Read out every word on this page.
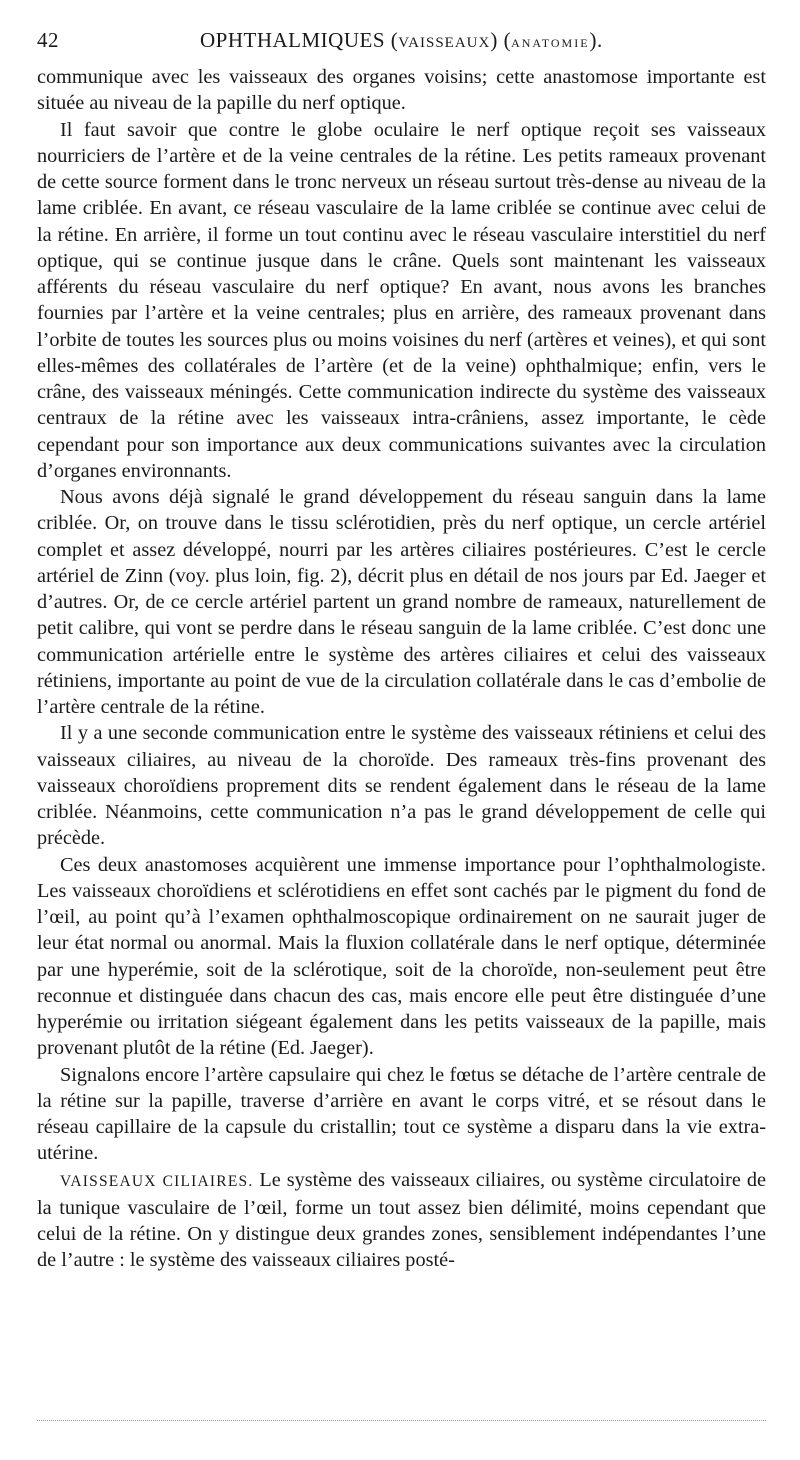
42	OPHTHALMIQUES (VAISSEAUX) (ANATOMIE).

communique avec les vaisseaux des organes voisins; cette anastomose importante est située au niveau de la papille du nerf optique.

Il faut savoir que contre le globe oculaire le nerf optique reçoit ses vaisseaux nourriciers de l’artère et de la veine centrales de la rétine. Les petits rameaux provenant de cette source forment dans le tronc nerveux un réseau surtout très-dense au niveau de la lame criblée. En avant, ce réseau vasculaire de la lame criblée se continue avec celui de la rétine. En arrière, il forme un tout continu avec le réseau vasculaire interstitiel du nerf optique, qui se continue jusque dans le crâne. Quels sont maintenant les vaisseaux afférents du réseau vasculaire du nerf optique? En avant, nous avons les branches fournies par l’artère et la veine centrales; plus en arrière, des rameaux provenant dans l’orbite de toutes les sources plus ou moins voisines du nerf (artères et veines), et qui sont elles-mêmes des collatérales de l’artère (et de la veine) ophthalmique; enfin, vers le crâne, des vaisseaux méningés. Cette communication indirecte du système des vaisseaux centraux de la rétine avec les vaisseaux intra-crâniens, assez importante, le cède cependant pour son importance aux deux communications suivantes avec la circulation d’organes environnants.

Nous avons déjà signalé le grand développement du réseau sanguin dans la lame criblée. Or, on trouve dans le tissu sclérotidien, près du nerf optique, un cercle artériel complet et assez développé, nourri par les artères ciliaires postérieures. C’est le cercle artériel de Zinn (voy. plus loin, fig. 2), décrit plus en détail de nos jours par Ed. Jaeger et d’autres. Or, de ce cercle artériel partent un grand nombre de rameaux, naturellement de petit calibre, qui vont se perdre dans le réseau sanguin de la lame criblée. C’est donc une communication artérielle entre le système des artères ciliaires et celui des vaisseaux rétiniens, importante au point de vue de la circulation collatérale dans le cas d’embolie de l’artère centrale de la rétine.

Il y a une seconde communication entre le système des vaisseaux rétiniens et celui des vaisseaux ciliaires, au niveau de la choroïde. Des rameaux très-fins provenant des vaisseaux choroïdiens proprement dits se rendent également dans le réseau de la lame criblée. Néanmoins, cette communication n’a pas le grand développement de celle qui précède.

Ces deux anastomoses acquièrent une immense importance pour l’ophthalmologiste. Les vaisseaux choroïdiens et sclérotidiens en effet sont cachés par le pigment du fond de l’œil, au point qu’à l’examen ophthalmoscopique ordinairement on ne saurait juger de leur état normal ou anormal. Mais la fluxion collatérale dans le nerf optique, déterminée par une hyperémie, soit de la sclérotique, soit de la choroïde, non-seulement peut être reconnue et distinguée dans chacun des cas, mais encore elle peut être distinguée d’une hyperémie ou irritation siégeant également dans les petits vaisseaux de la papille, mais provenant plutôt de la rétine (Ed. Jaeger).

Signalons encore l’artère capsulaire qui chez le fœtus se détache de l’artère centrale de la rétine sur la papille, traverse d’arrière en avant le corps vitré, et se résout dans le réseau capillaire de la capsule du cristallin; tout ce système a disparu dans la vie extra-utérine.

VAISSEAUX CILIAIRES. Le système des vaisseaux ciliaires, ou système circulatoire de la tunique vasculaire de l’œil, forme un tout assez bien délimité, moins cependant que celui de la rétine. On y distingue deux grandes zones, sensiblement indépendantes l’une de l’autre : le système des vaisseaux ciliaires posté-
